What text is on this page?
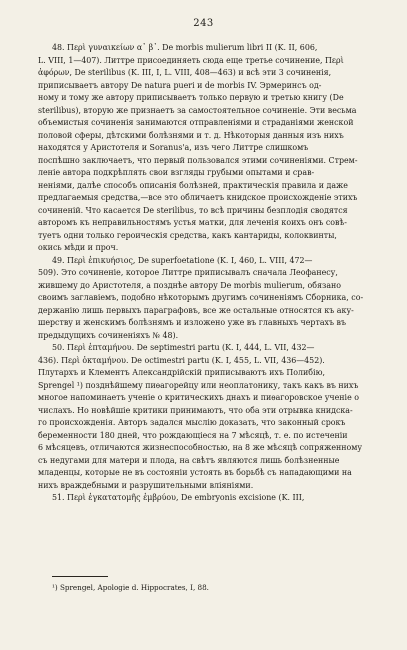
243
48. Περὶ γυναικείων α᾽ β᾽. De morbis mulierum libri II (K. II, 606,
L. VIII, 1—407). Литтре присоединяеть сюда еще третье сочинение, Περὶ
ἀφόρων, De sterilibus (K. III, I, L. VIII, 408—463) и всѣ эти 3 сочиненія,
приписываетъ автору De natura pueri и de morbis IV. Эрмеринсъ од-
ному и тому же автору приписываетъ только первую и третью книгу (De
sterilibus), вторую же признаетъ за самостоятельное сочиненіе. Эти весьма
объемистыя сочиненія занимаются отправленіями и страданіями женской
половой сферы, дѣтскими болѣзнями и т. д. Нѣкоторыя данныя изъ нихъ
находятся у Аристотеля и Soranus'а, изъ чего Литтре слишкомъ
поспѣшно заключаетъ, что первый пользовался этими сочиненіями. Стрем-
леніе автора подкрѣплять свои взгляды грубыми опытами и срав-
неніями, далѣе способъ описанія болѣзней, практическія правила и даже
предлагаемыя средства,—все это обличаетъ книдское происхожденіе этихъ
сочиненій. Что касается De sterilibus, то всѣ причины безплодія сводятся
авторомъ къ неправильностямъ устья матки, для леченія коихъ онъ совѣ-
туетъ одни только героическія средства, какъ кантариды, колоквинты,
окись мѣди и проч.
49. Περὶ ἐπικυήσιος, De superfoetatione (K. I, 460, L. VIII, 472—
509). Это сочиненіе, которое Литтре приписывалъ сначала Леофанесу,
жившему до Аристотеля, а позднѣе автору De morbis mulierum, обязано
своимъ заглавіемъ, подобно нѣкоторымъ другимъ сочиненіямъ Сборника, со-
держанію лишь первыхъ параграфовъ, все же остальные относятся къ аку-
шерству и женскимъ болѣзнямъ и изложено уже въ главныхъ чертахъ въ
предыдущихъ сочиненіяхъ № 48).
50. Περὶ ἑπταμήνου. De septimestri partu (K. I, 444, L. VII, 432—
436). Περὶ ὀκταμήνου. De octimestri partu (K. I, 455, L. VII, 436—452).
Плутархъ и Клементъ Александрійскій приписываютъ ихъ Полибію,
Sprengel ¹) позднѣйшему пиѳагорейцу или неоплатонику, такъ какъ въ нихъ
многое напоминаетъ ученіе о критическихъ днахъ и пиѳагоровское ученіе о
числахъ. Но новѣйшіе критики принимаютъ, что оба эти отрывка книдска-
го происхожденія. Авторъ задался мыслію доказать, что законный срокъ
беременности 180 дней, что рождающіеся на 7 мѣсяцѣ, т. е. по истеченіи
6 мѣсяцевъ, отличаются жизнеспособностью, на 8 же мѣсяцѣ сопряженному
съ недугами для матери и плода, на свѣтъ являются лишь болѣзненные
младенцы, которые не въ состояніи устоять въ борьбѣ съ нападающими на
нихъ враждебными и разрушительными вліяніями.
51. Περὶ ἐγκατατομῆς ἐμβρύου, De embryonis excisione (K. III,
¹) Sprengel, Apologie d. Hippocrates, I, 88.
